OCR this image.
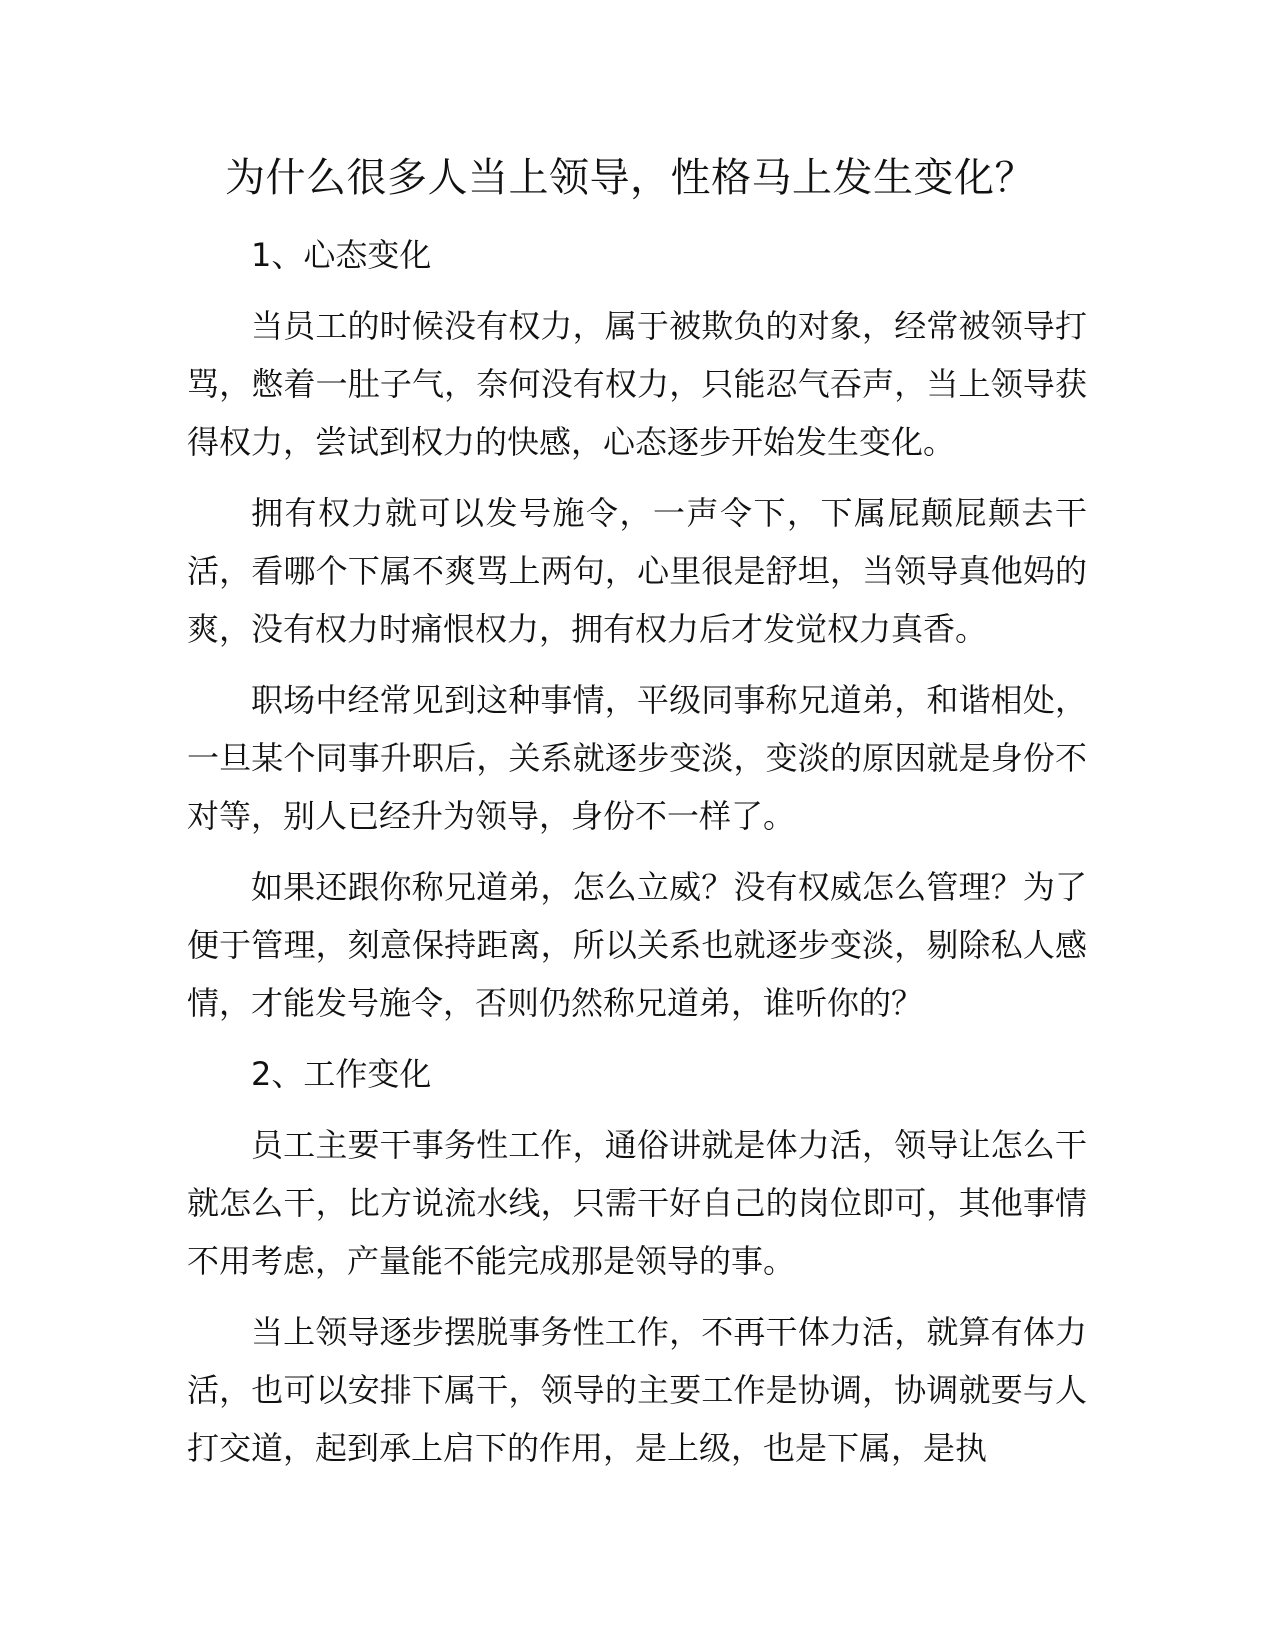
为什么很多人当上领导，性格马上发生变化？
1、心态变化

当员工的时候没有权力，属于被欺负的对象，经常被领导打骂，憋着一肚子气，奈何没有权力，只能忍气吞声，当上领导获得权力，尝试到权力的快感，心态逐步开始发生变化。

拥有权力就可以发号施令，一声令下，下属屁颠屁颠去干活，看哪个下属不爽骂上两句，心里很是舒坦，当领导真他妈的爽，没有权力时痛恨权力，拥有权力后才发觉权力真香。

职场中经常见到这种事情，平级同事称兄道弟，和谐相处，一旦某个同事升职后，关系就逐步变淡，变淡的原因就是身份不对等，别人已经升为领导，身份不一样了。

如果还跟你称兄道弟，怎么立威？没有权威怎么管理？为了便于管理，刻意保持距离，所以关系也就逐步变淡，剔除私人感情，才能发号施令，否则仍然称兄道弟，谁听你的？

2、工作变化

员工主要干事务性工作，通俗讲就是体力活，领导让怎么干就怎么干，比方说流水线，只需干好自己的岗位即可，其他事情不用考虑，产量能不能完成那是领导的事。

当上领导逐步摆脱事务性工作，不再干体力活，就算有体力活，也可以安排下属干，领导的主要工作是协调，协调就要与人打交道，起到承上启下的作用，是上级，也是下属，是执
